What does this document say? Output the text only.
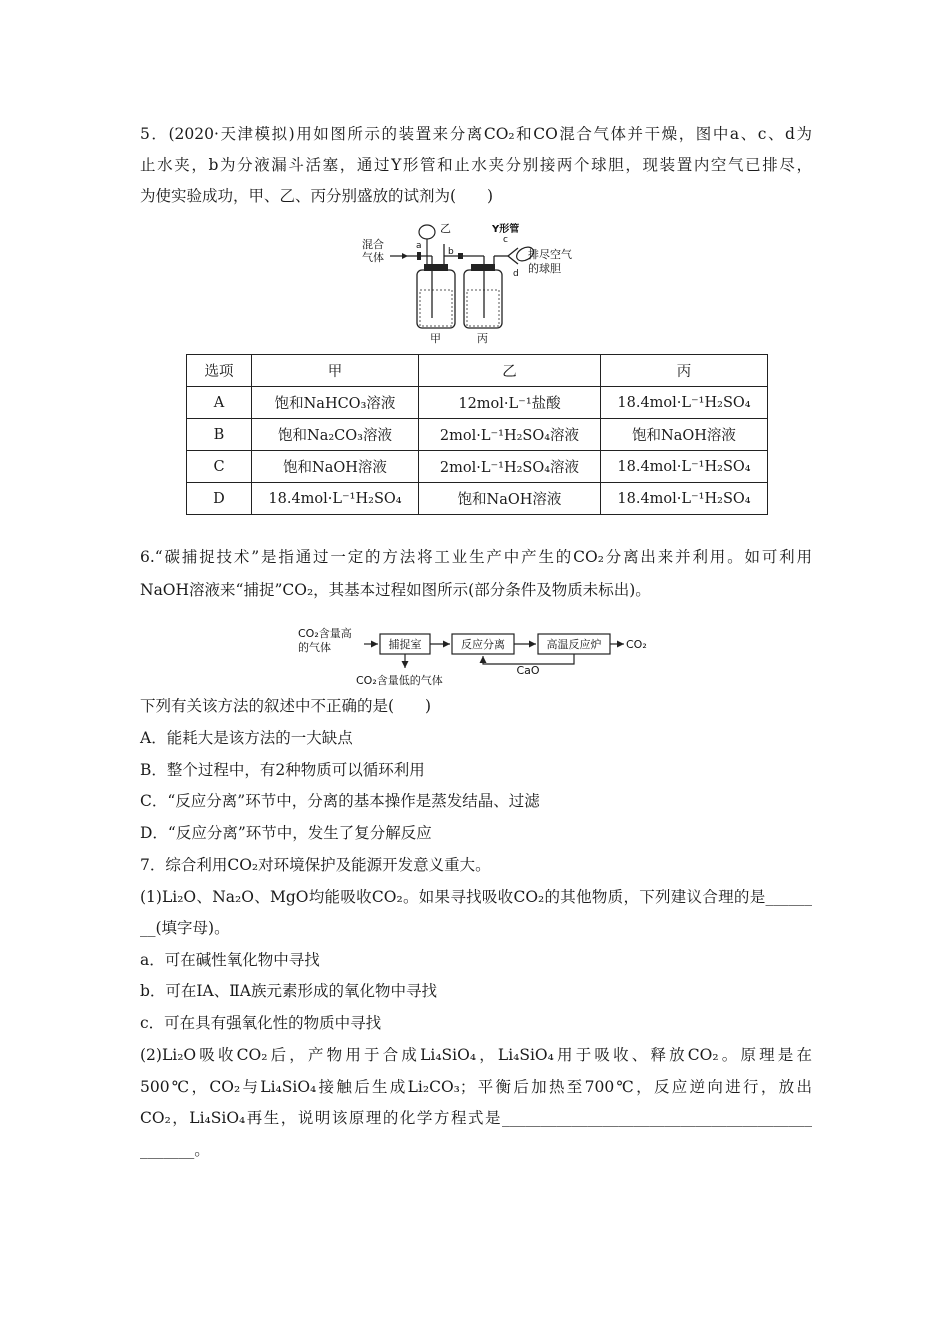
5．(2020·天津模拟)用如图所示的装置来分离CO₂和CO混合气体并干燥，图中a、c、d为
止水夹，b为分液漏斗活塞，通过Y形管和止水夹分别接两个球胆，现装置内空气已排尽，
为使实验成功，甲、乙、丙分别盛放的试剂为(　　)
混合
气体
a
乙
b
Y形管
c
d
排尽空气
的球胆
甲	丙
选项	甲	乙	丙
A	饱和NaHCO₃溶液	12mol·L⁻¹盐酸	18.4mol·L⁻¹H₂SO₄
B	饱和Na₂CO₃溶液	2mol·L⁻¹H₂SO₄溶液	饱和NaOH溶液
C	饱和NaOH溶液	2mol·L⁻¹H₂SO₄溶液	18.4mol·L⁻¹H₂SO₄
D	18.4mol·L⁻¹H₂SO₄	饱和NaOH溶液	18.4mol·L⁻¹H₂SO₄
6.“碳捕捉技术”是指通过一定的方法将工业生产中产生的CO₂分离出来并利用。如可利用
NaOH溶液来“捕捉”CO₂，其基本过程如图所示(部分条件及物质未标出)。
CO₂含量高
的气体	捕捉室	反应分离	高温反应炉 CO₂
CaO
CO₂含量低的气体
下列有关该方法的叙述中不正确的是(　　)
A．能耗大是该方法的一大缺点
B．整个过程中，有2种物质可以循环利用
C．“反应分离”环节中，分离的基本操作是蒸发结晶、过滤
D．“反应分离”环节中，发生了复分解反应
7．综合利用CO₂对环境保护及能源开发意义重大。
(1)Li₂O、Na₂O、MgO均能吸收CO₂。如果寻找吸收CO₂的其他物质，下列建议合理的是______
__(填字母)。
a．可在碱性氧化物中寻找
b．可在ⅠA、ⅡA族元素形成的氧化物中寻找
c．可在具有强氧化性的物质中寻找
(2)Li₂O吸收CO₂后，产物用于合成Li₄SiO₄，Li₄SiO₄用于吸收、释放CO₂。原理是在
500℃，CO₂与Li₄SiO₄接触后生成Li₂CO₃；平衡后加热至700℃，反应逆向进行，放出
CO₂，Li₄SiO₄再生，说明该原理的化学方程式是________________________________________
_______。
